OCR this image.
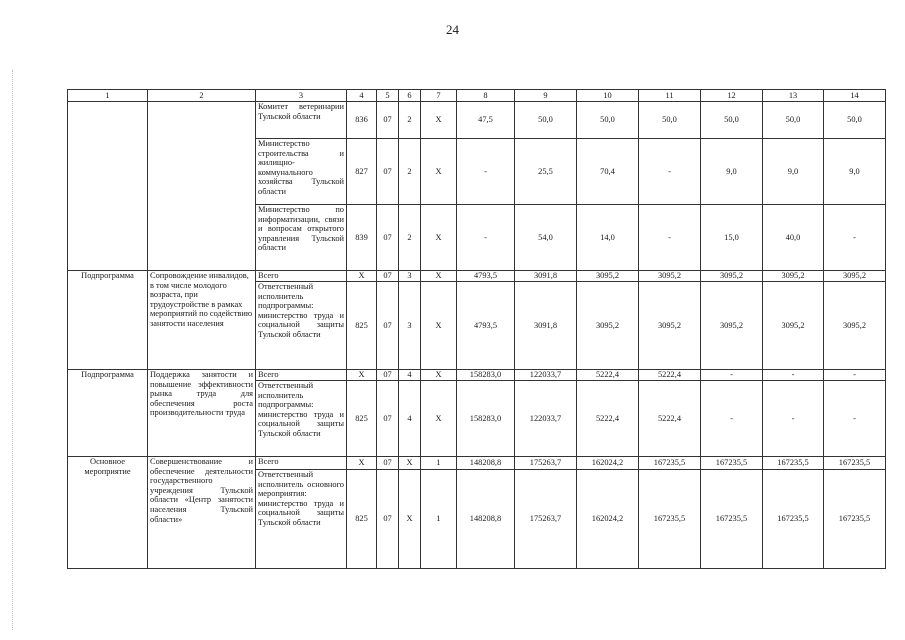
24
1	2	3	4	5	6	7	8	9	10	11	12	13	14
		Комитет ветеринарии Тульской области	836	07	2	X	47,5	50,0	50,0	50,0	50,0	50,0	50,0
		Министерство строительства и жилищно-коммунального хозяйства Тульской области	827	07	2	X	-	25,5	70,4	-	9,0	9,0	9,0
		Министерство по информатизации, связи и вопросам открытого управления Тульской области	839	07	2	X	-	54,0	14,0	-	15,0	40,0	-
Подпрограмма	Сопровождение инвалидов, в том числе молодого возраста, при трудоустройстве в рамках мероприятий по содействию занятости населения	Всего	X	07	3	X	4793,5	3091,8	3095,2	3095,2	3095,2	3095,2	3095,2
		Ответственный исполнитель подпрограммы: министерство труда и социальной защиты Тульской области	825	07	3	X	4793,5	3091,8	3095,2	3095,2	3095,2	3095,2	3095,2
Подпрограмма	Поддержка занятости и повышение эффективности рынка труда для обеспечения роста производительности труда	Всего	X	07	4	X	158283,0	122033,7	5222,4	5222,4	-	-	-
		Ответственный исполнитель подпрограммы: министерство труда и социальной защиты Тульской области	825	07	4	X	158283,0	122033,7	5222,4	5222,4	-	-	-
Основное мероприятие	Совершенствование и обеспечение деятельности государственного учреждения Тульской области «Центр занятости населения Тульской области»	Всего	X	07	X	1	148208,8	175263,7	162024,2	167235,5	167235,5	167235,5	167235,5
		Ответственный исполнитель основного мероприятия: министерство труда и социальной защиты Тульской области	825	07	X	1	148208,8	175263,7	162024,2	167235,5	167235,5	167235,5	167235,5
